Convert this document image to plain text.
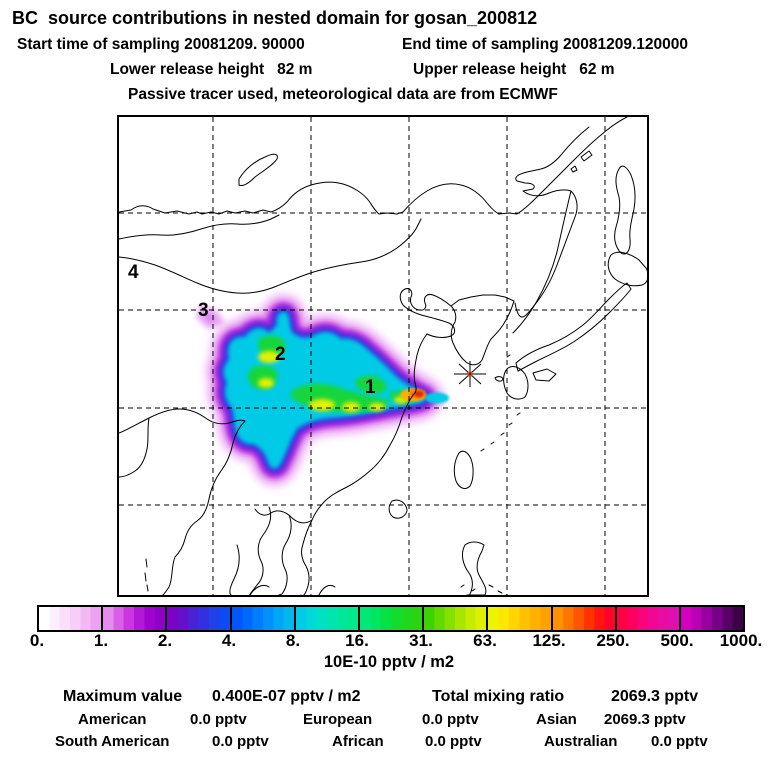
BC  source contributions in nested domain for gosan_200812
Start time of sampling 20081209. 90000	End time of sampling 20081209.120000
Lower release height   82 m	Upper release height   62 m
Passive tracer used, meteorological data are from ECMWF
1
2
3
4
0.	1.	2.	4.	8.	16. 31. 63. 125. 250. 500. 1000.
10E-10 pptv / m2
Maximum value 0.400E-07 pptv / m2	Total mixing ratio	2069.3 pptv
American	0.0 pptv	European	0.0 pptv	Asian 2069.3 pptv
South American	0.0 pptv	African	0.0 pptv	Australian 0.0 pptv
